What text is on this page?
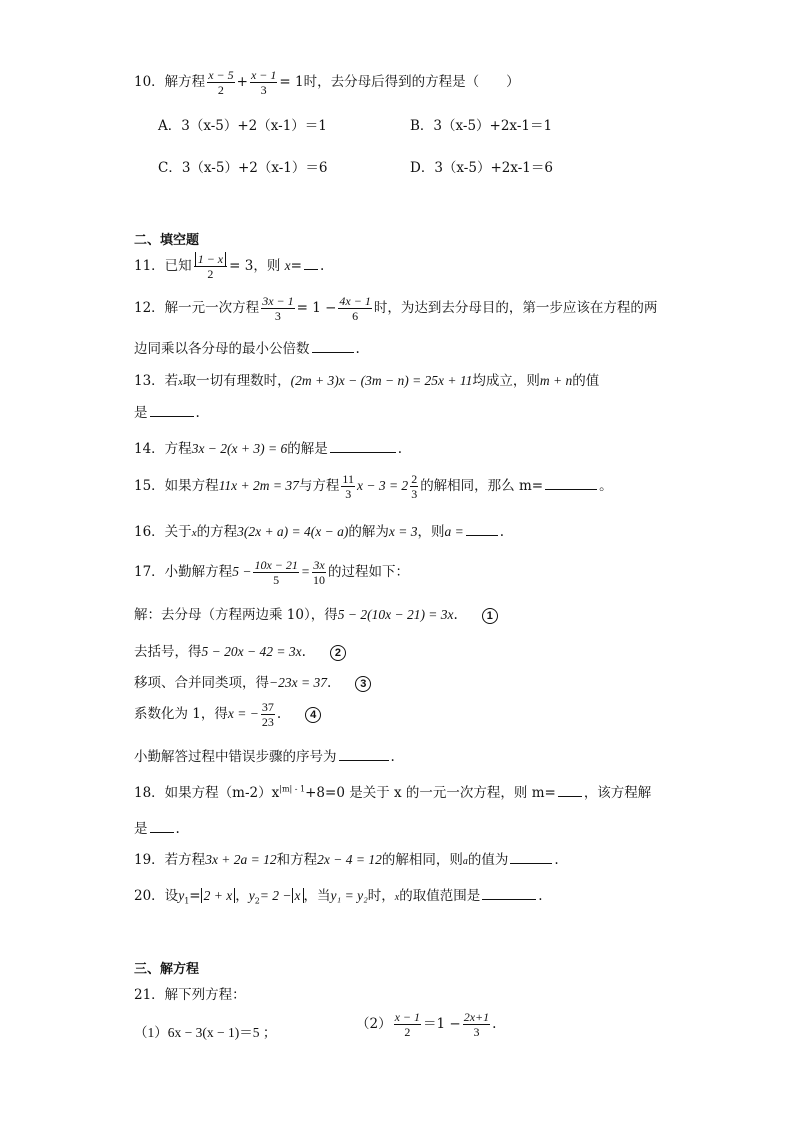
10．解方程 $\frac{x - 5}{2} + \frac{x - 1}{3} = 1$时，去分母后得到的方程是（　　）
A．3（x-5）+2（x-1）＝1	B．3（x-5）+2x-1＝1
C．3（x-5）+2（x-1）＝6	D．3（x-5）+2x-1＝6
二、填空题
11．已知 $\frac{1 - x}{2} = 3$，则 x= .
12．解一元一次方程 $\frac{3x - 1}{3} = 1 - \frac{4x - 1}{6}$ 时，为达到去分母目的，第一步应该在方程的两
边同乘以各分母的最小公倍数	.
13．若x取一切有理数时，(2m + 3)x − (3m − n) = 25x + 11均成立，则m + n的值
是	.
14．方程3x − 2(x + 3) = 6的解是	.
15．如果方程11x + 2m = 37与方程 $\frac{11}{3}$ $x - 3 = 2 \frac{2}{3}$ 的解相同，那么 m=	。
16．关于x的方程3(2x + a) = 4(x − a)的解为x = 3，则a =	.
17．小勤解方程$5 - \frac{10x - 21}{5} = \frac{3x}{10}$ 的过程如下：
解：去分母（方程两边乘 10），得5 − 2(10x − 21) = 3x.	1
去括号，得5 − 20x − 42 = 3x.	2
移项、合并同类项，得−23x = 37.	3
系数化为 1，得x = − $\frac{37}{23}$ .	4
小勤解答过程中错误步骤的序号为	.
18．如果方程$(m-2)x^{|m| - 1}+8=0$ 是关于 x 的一元一次方程，则 m= ，该方程解
是 .
19．若方程3x + 2a = 12和方程2x − 4 = 12的解相同，则a的值为	.
20．设$y_1= 2 + x$ ，$y_2= 2 - x$ ，当y₁ = y₂时，x的取值范围是	.
三、解方程
21．解下列方程：
（1）6x − 3(x − 1)＝5 ；
$(2) \frac{x - 1}{2} =1 - \frac{2x+1}{3}$ .
